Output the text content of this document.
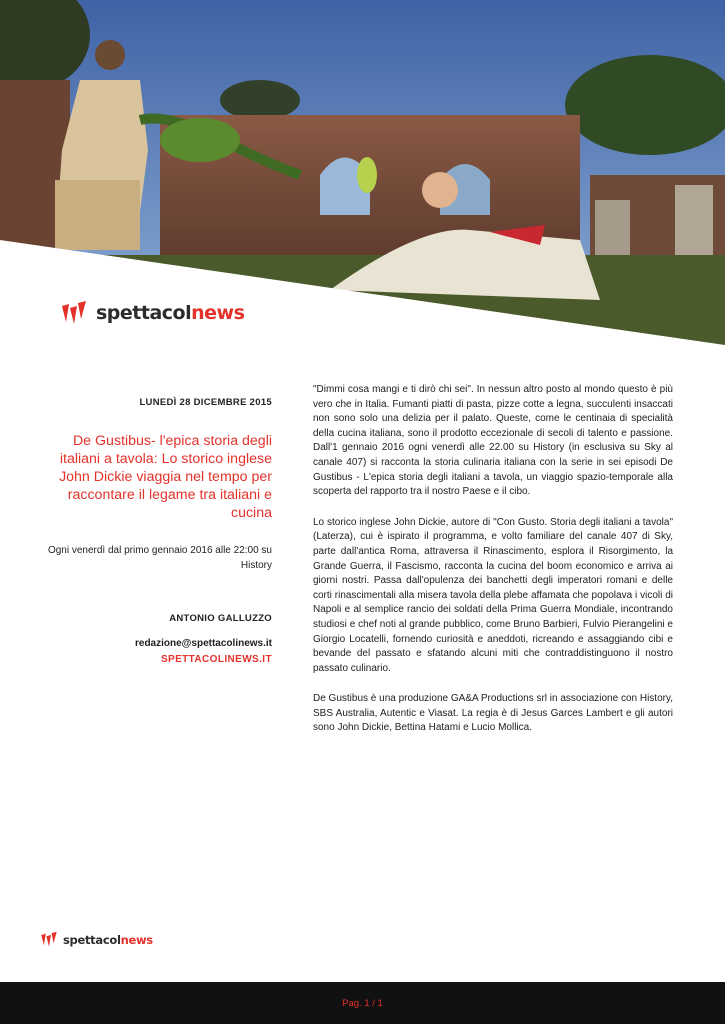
spettacolnews

LUNEDÌ 28 DICEMBRE 2015

De Gustibus- l'epica storia degli italiani a tavola: Lo storico inglese John Dickie viaggia nel tempo per raccontare il legame tra italiani e cucina

Ogni venerdì dal primo gennaio 2016 alle 22:00 su History

ANTONIO GALLUZZO

redazione@spettacolinews.it

SPETTACOLINEWS.IT

"Dimmi cosa mangi e ti dirò chi sei". In nessun altro posto al mondo questo è più vero che in Italia. Fumanti piatti di pasta, pizze cotte a legna, succulenti insaccati non sono solo una delizia per il palato. Queste, come le centinaia di specialità della cucina italiana, sono il prodotto eccezionale di secoli di talento e passione. Dall'1 gennaio 2016 ogni venerdì alle 22.00 su History (in esclusiva su Sky al canale 407) si racconta la storia culinaria italiana con la serie in sei episodi De Gustibus - L'epica storia degli italiani a tavola, un viaggio spazio-temporale alla scoperta del rapporto tra il nostro Paese e il cibo.

Lo storico inglese John Dickie, autore di "Con Gusto. Storia degli italiani a tavola" (Laterza), cui è ispirato il programma, e volto familiare del canale 407 di Sky, parte dall'antica Roma, attraversa il Rinascimento, esplora il Risorgimento, la Grande Guerra, il Fascismo, racconta la cucina del boom economico e arriva ai giorni nostri. Passa dall'opulenza dei banchetti degli imperatori romani e delle corti rinascimentali alla misera tavola della plebe affamata che popolava i vicoli di Napoli e al semplice rancio dei soldati della Prima Guerra Mondiale, incontrando studiosi e chef noti al grande pubblico, come Bruno Barbieri, Fulvio Pierangelini e Giorgio Locatelli, fornendo curiosità e aneddoti, ricreando e assaggiando cibi e bevande del passato e sfatando alcuni miti che contraddistinguono il nostro passato culinario.

De Gustibus è una produzione GA&A Productions srl in associazione con History, SBS Australia, Autentic e Viasat. La regia è di Jesus Garces Lambert e gli autori sono John Dickie, Bettina Hatami e Lucio Mollica.

spettacolnews
Pag. 1 / 1
